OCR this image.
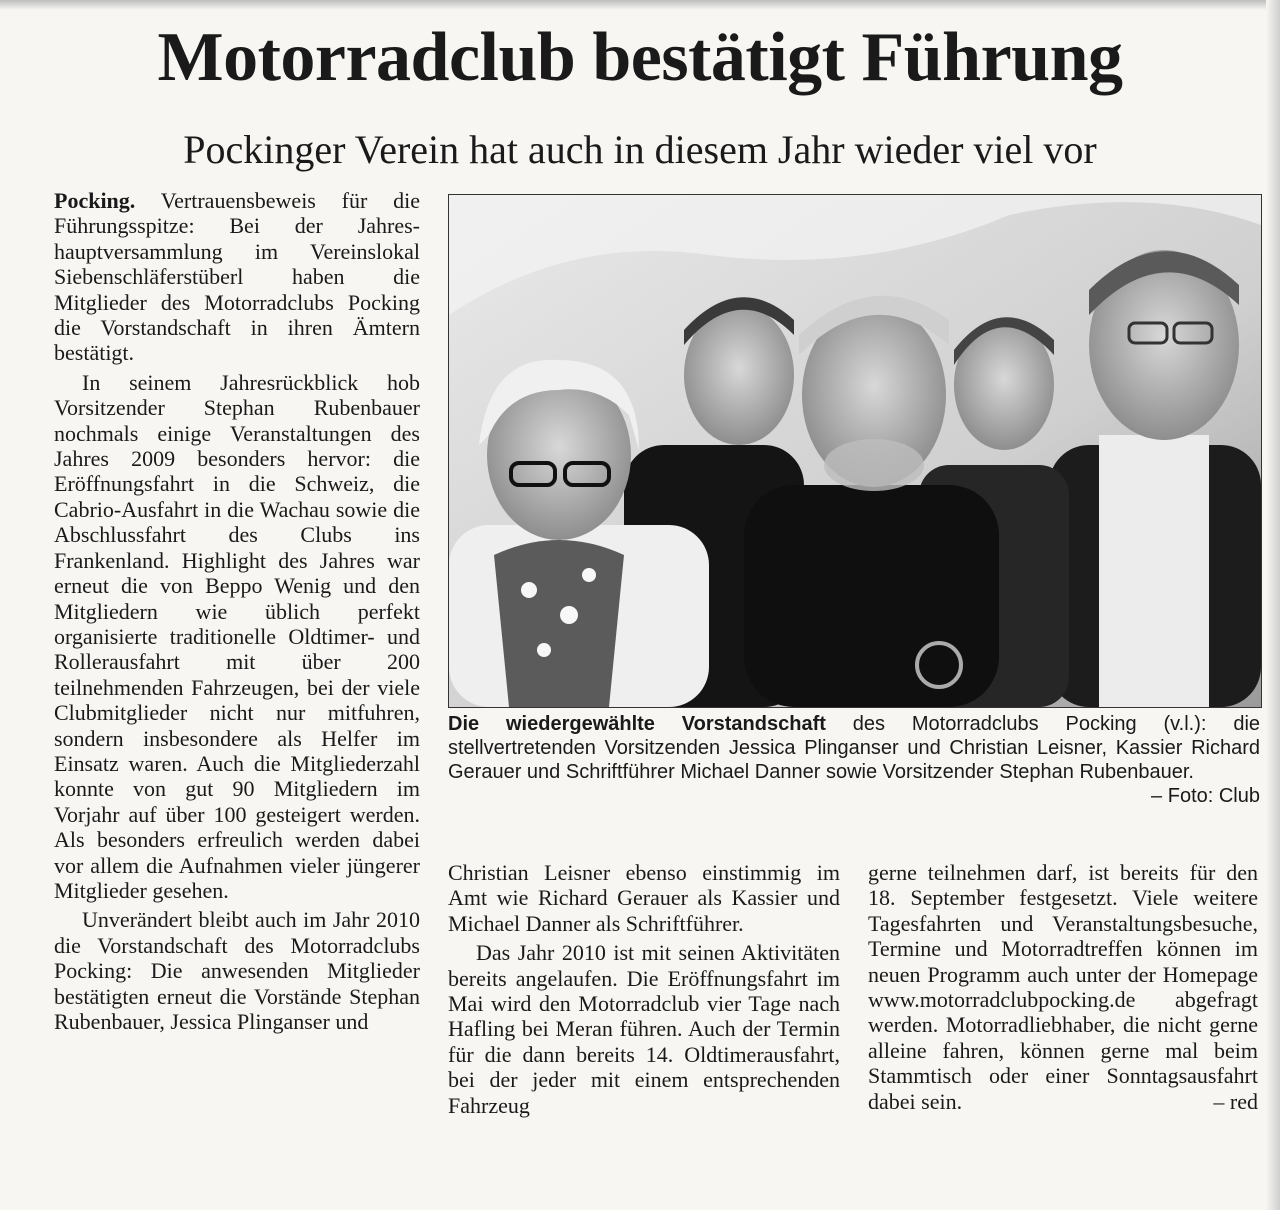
Motorradclub bestätigt Führung
Pockinger Verein hat auch in diesem Jahr wieder viel vor

Pocking. Vertrauensbeweis für die Führungsspitze: Bei der Jahreshauptversammlung im Vereinslokal Siebenschläferstüberl haben die Mitglieder des Motorradclubs Pocking die Vorstandschaft in ihren Ämtern bestätigt.

In seinem Jahresrückblick hob Vorsitzender Stephan Rubenbauer nochmals einige Veranstaltungen des Jahres 2009 besonders hervor: die Eröffnungsfahrt in die Schweiz, die Cabrio-Ausfahrt in die Wachau sowie die Abschlussfahrt des Clubs ins Frankenland. Highlight des Jahres war erneut die von Beppo Wenig und den Mitgliedern wie üblich perfekt organisierte traditionelle Oldtimer- und Rollerausfahrt mit über 200 teilnehmenden Fahrzeugen, bei der viele Clubmitglieder nicht nur mitfuhren, sondern insbesondere als Helfer im Einsatz waren. Auch die Mitgliederzahl konnte von gut 90 Mitgliedern im Vorjahr auf über 100 gesteigert werden. Als besonders erfreulich werden dabei vor allem die Aufnahmen vieler jüngerer Mitglieder gesehen.

Unverändert bleibt auch im Jahr 2010 die Vorstandschaft des Motorradclubs Pocking: Die anwesenden Mitglieder bestätigten erneut die Vorstände Stephan Rubenbauer, Jessica Plinganser und

Die wiedergewählte Vorstandschaft des Motorradclubs Pocking (v.l.): die stellvertretenden Vorsitzenden Jessica Plinganser und Christian Leisner, Kassier Richard Gerauer und Schriftführer Michael Danner sowie Vorsitzender Stephan Rubenbauer.
– Foto: Club

Christian Leisner ebenso einstimmig im Amt wie Richard Gerauer als Kassier und Michael Danner als Schriftführer.

Das Jahr 2010 ist mit seinen Aktivitäten bereits angelaufen. Die Eröffnungsfahrt im Mai wird den Motorradclub vier Tage nach Hafling bei Meran führen. Auch der Termin für die dann bereits 14. Oldtimerausfahrt, bei der jeder mit einem entsprechenden Fahrzeug

gerne teilnehmen darf, ist bereits für den 18. September festgesetzt. Viele weitere Tagesfahrten und Veranstaltungsbesuche, Termine und Motorradtreffen können im neuen Programm auch unter der Homepage www.motorradclubpocking.de abgefragt werden. Motorradliebhaber, die nicht gerne alleine fahren, können gerne mal beim Stammtisch oder einer Sonntagsausfahrt dabei sein.	– red
